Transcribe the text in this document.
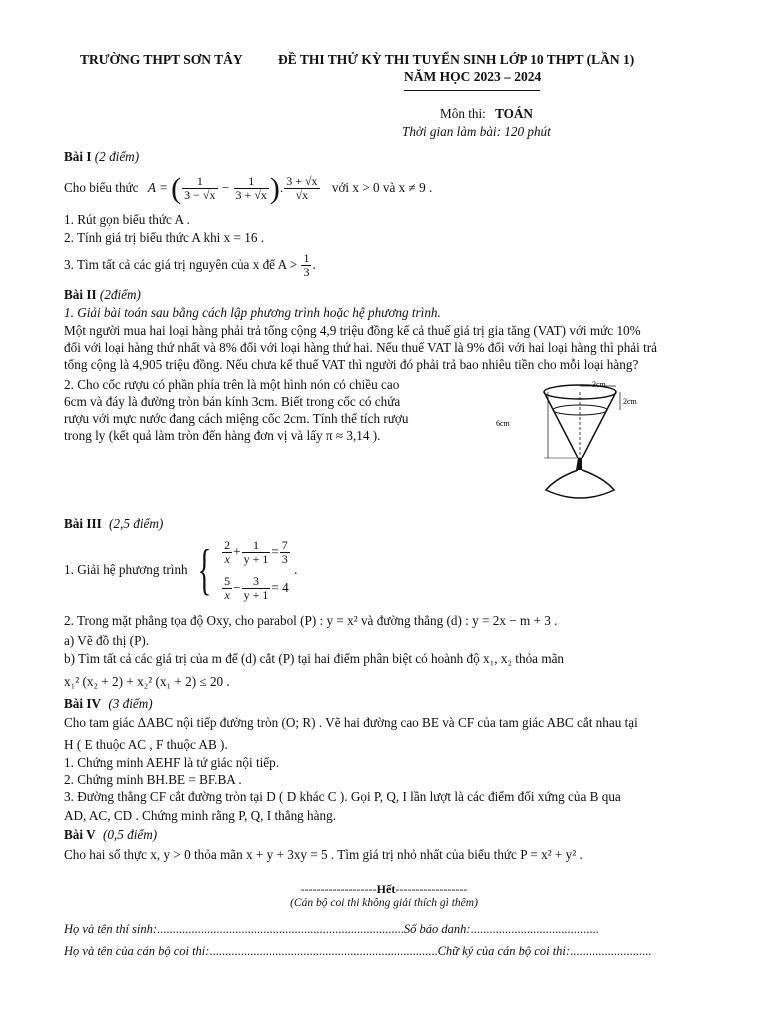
TRƯỜNG THPT SƠN TÂY	ĐỀ THI THỬ KỲ THI TUYỂN SINH LỚP 10 THPT (LẦN 1)
NĂM HỌC 2023 – 2024
Môn thi: TOÁN
Thời gian làm bài: 120 phút
Bài I (2 điểm)
Cho biểu thức A = ( $\frac{1}{3 - √x} - \frac{1}{3 + √x}$ ). $\frac{3 + √x}{√x}$ với x > 0 và x ≠ 9 .
1. Rút gọn biểu thức A .
2. Tính giá trị biểu thức A khi x = 16 .
3. Tìm tất cả các giá trị nguyên của x để $A > \frac{1}{3}$ .
Bài II (2điểm)
1. Giải bài toán sau bằng cách lập phương trình hoặc hệ phương trình.
Một người mua hai loại hàng phải trả tổng cộng 4,9 triệu đồng kể cả thuế giá trị gia tăng (VAT) với mức 10%
đối với loại hàng thứ nhất và 8% đối với loại hàng thứ hai. Nếu thuế VAT là 9% đối với hai loại hàng thì phải trả
tổng cộng là 4,905 triệu đồng. Nếu chưa kể thuế VAT thì người đó phải trả bao nhiêu tiền cho mỗi loại hàng?
2. Cho cốc rượu có phần phía trên là một hình nón có chiều cao
6cm và đáy là đường tròn bán kính 3cm. Biết trong cốc có chứa
rượu với mực nước đang cách miệng cốc 2cm. Tính thể tích rượu
trong ly (kết quả làm tròn đến hàng đơn vị và lấy π ≈ 3,14 ).
3cm
2cm
6cm
Bài III (2,5 điểm)
1. Giải hệ phương trình { $\frac{2}{x} + \frac{1}{y + 1} = \frac{7}{3}$
$\frac{5}{x} - \frac{3}{y + 1} = 4$
.
2. Trong mặt phẳng tọa độ Oxy, cho parabol (P) : y = x² và đường thẳng (d) : y = 2x − m + 3 .
a) Vẽ đồ thị (P).
b) Tìm tất cả các giá trị của m để (d) cắt (P) tại hai điểm phân biệt có hoành độ x₁, x₂ thỏa mãn
x₁² (x₂ + 2) + x₂² (x₁ + 2) ≤ 20 .
Bài IV (3 điểm)
Cho tam giác ΔABC nội tiếp đường tròn (O; R) . Vẽ hai đường cao BE và CF của tam giác ABC cắt nhau tại
H ( E thuộc AC , F thuộc AB ).
1. Chứng minh AEHF là tứ giác nội tiếp.
2. Chứng minh BH.BE = BF.BA .
3. Đường thẳng CF cắt đường tròn tại D ( D khác C ). Gọi P, Q, I lần lượt là các điểm đối xứng của B qua
AD, AC, CD . Chứng minh rằng P, Q, I thẳng hàng.
Bài V (0,5 điểm)
Cho hai số thực x, y > 0 thỏa mãn x + y + 3xy = 5 . Tìm giá trị nhỏ nhất của biểu thức P = x² + y² .
-------------------Hết------------------
(Cán bộ coi thi không giải thích gì thêm)
Họ và tên thí sinh:...............................................................................Số báo danh:.........................................
Họ và tên của cán bộ coi thi:.........................................................................Chữ ký của cán bộ coi thi:..........................
